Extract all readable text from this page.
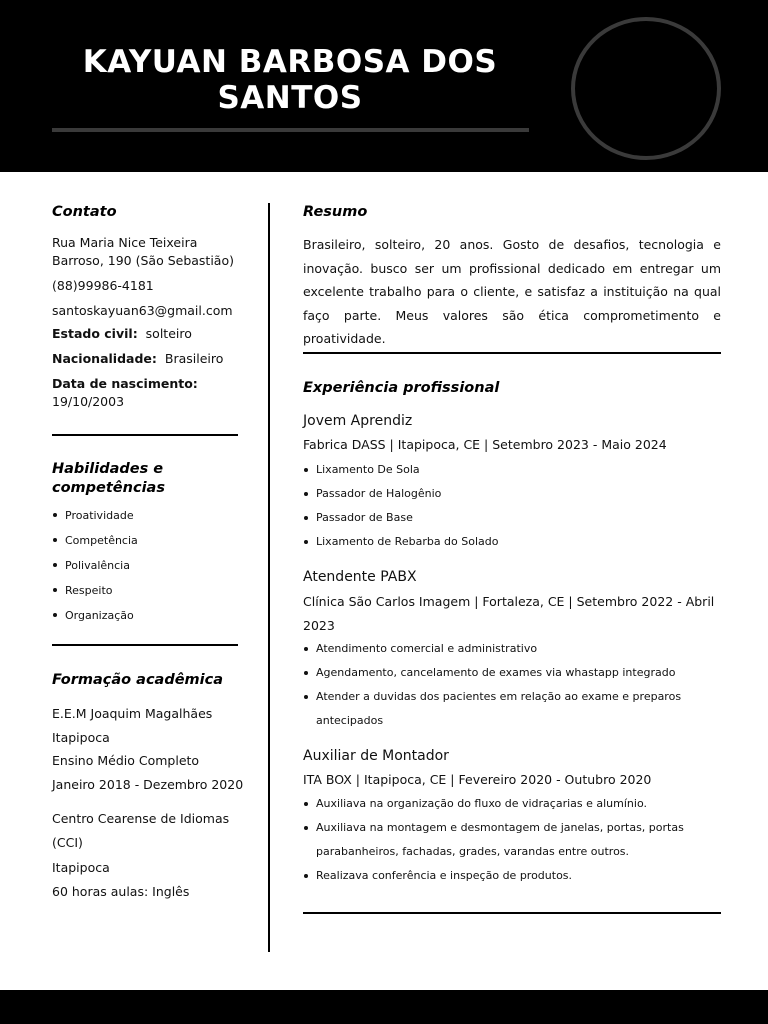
KAYUAN BARBOSA DOS
SANTOS
Contato
Rua Maria Nice Teixeira
Barroso, 190 (São Sebastião)
(88)99986-4181
santoskayuan63@gmail.com
Estado civil: solteiro
Nacionalidade: Brasileiro
Data de nascimento:
19/10/2003
Habilidades e
competências
Proatividade
Competência
Polivalência
Respeito
Organização
Formação acadêmica
E.E.M Joaquim Magalhães
Itapipoca
Ensino Médio Completo
Janeiro 2018 - Dezembro 2020
Centro Cearense de Idiomas
(CCI)
Itapipoca
60 horas aulas: Inglês
Resumo
Brasileiro, solteiro, 20 anos. Gosto de desafios, tecnologia e inovação. busco ser um profissional dedicado em entregar um excelente trabalho para o cliente, e satisfaz a instituição na qual faço parte. Meus valores são ética comprometimento e proatividade.
Experiência profissional
Jovem Aprendiz
Fabrica DASS | Itapipoca, CE | Setembro 2023 - Maio 2024
Lixamento De Sola
Passador de Halogênio
Passador de Base
Lixamento de Rebarba do Solado
Atendente PABX
Clínica São Carlos Imagem | Fortaleza, CE | Setembro 2022 - Abril
2023
Atendimento comercial e administrativo
Agendamento, cancelamento de exames via whastapp integrado
Atender a duvidas dos pacientes em relação ao exame e preparos
antecipados
Auxiliar de Montador
ITA BOX | Itapipoca, CE | Fevereiro 2020 - Outubro 2020
Auxiliava na organização do fluxo de vidraçarias e alumínio.
Auxiliava na montagem e desmontagem de janelas, portas, portas
parabanheiros, fachadas, grades, varandas entre outros.
Realizava conferência e inspeção de produtos.
